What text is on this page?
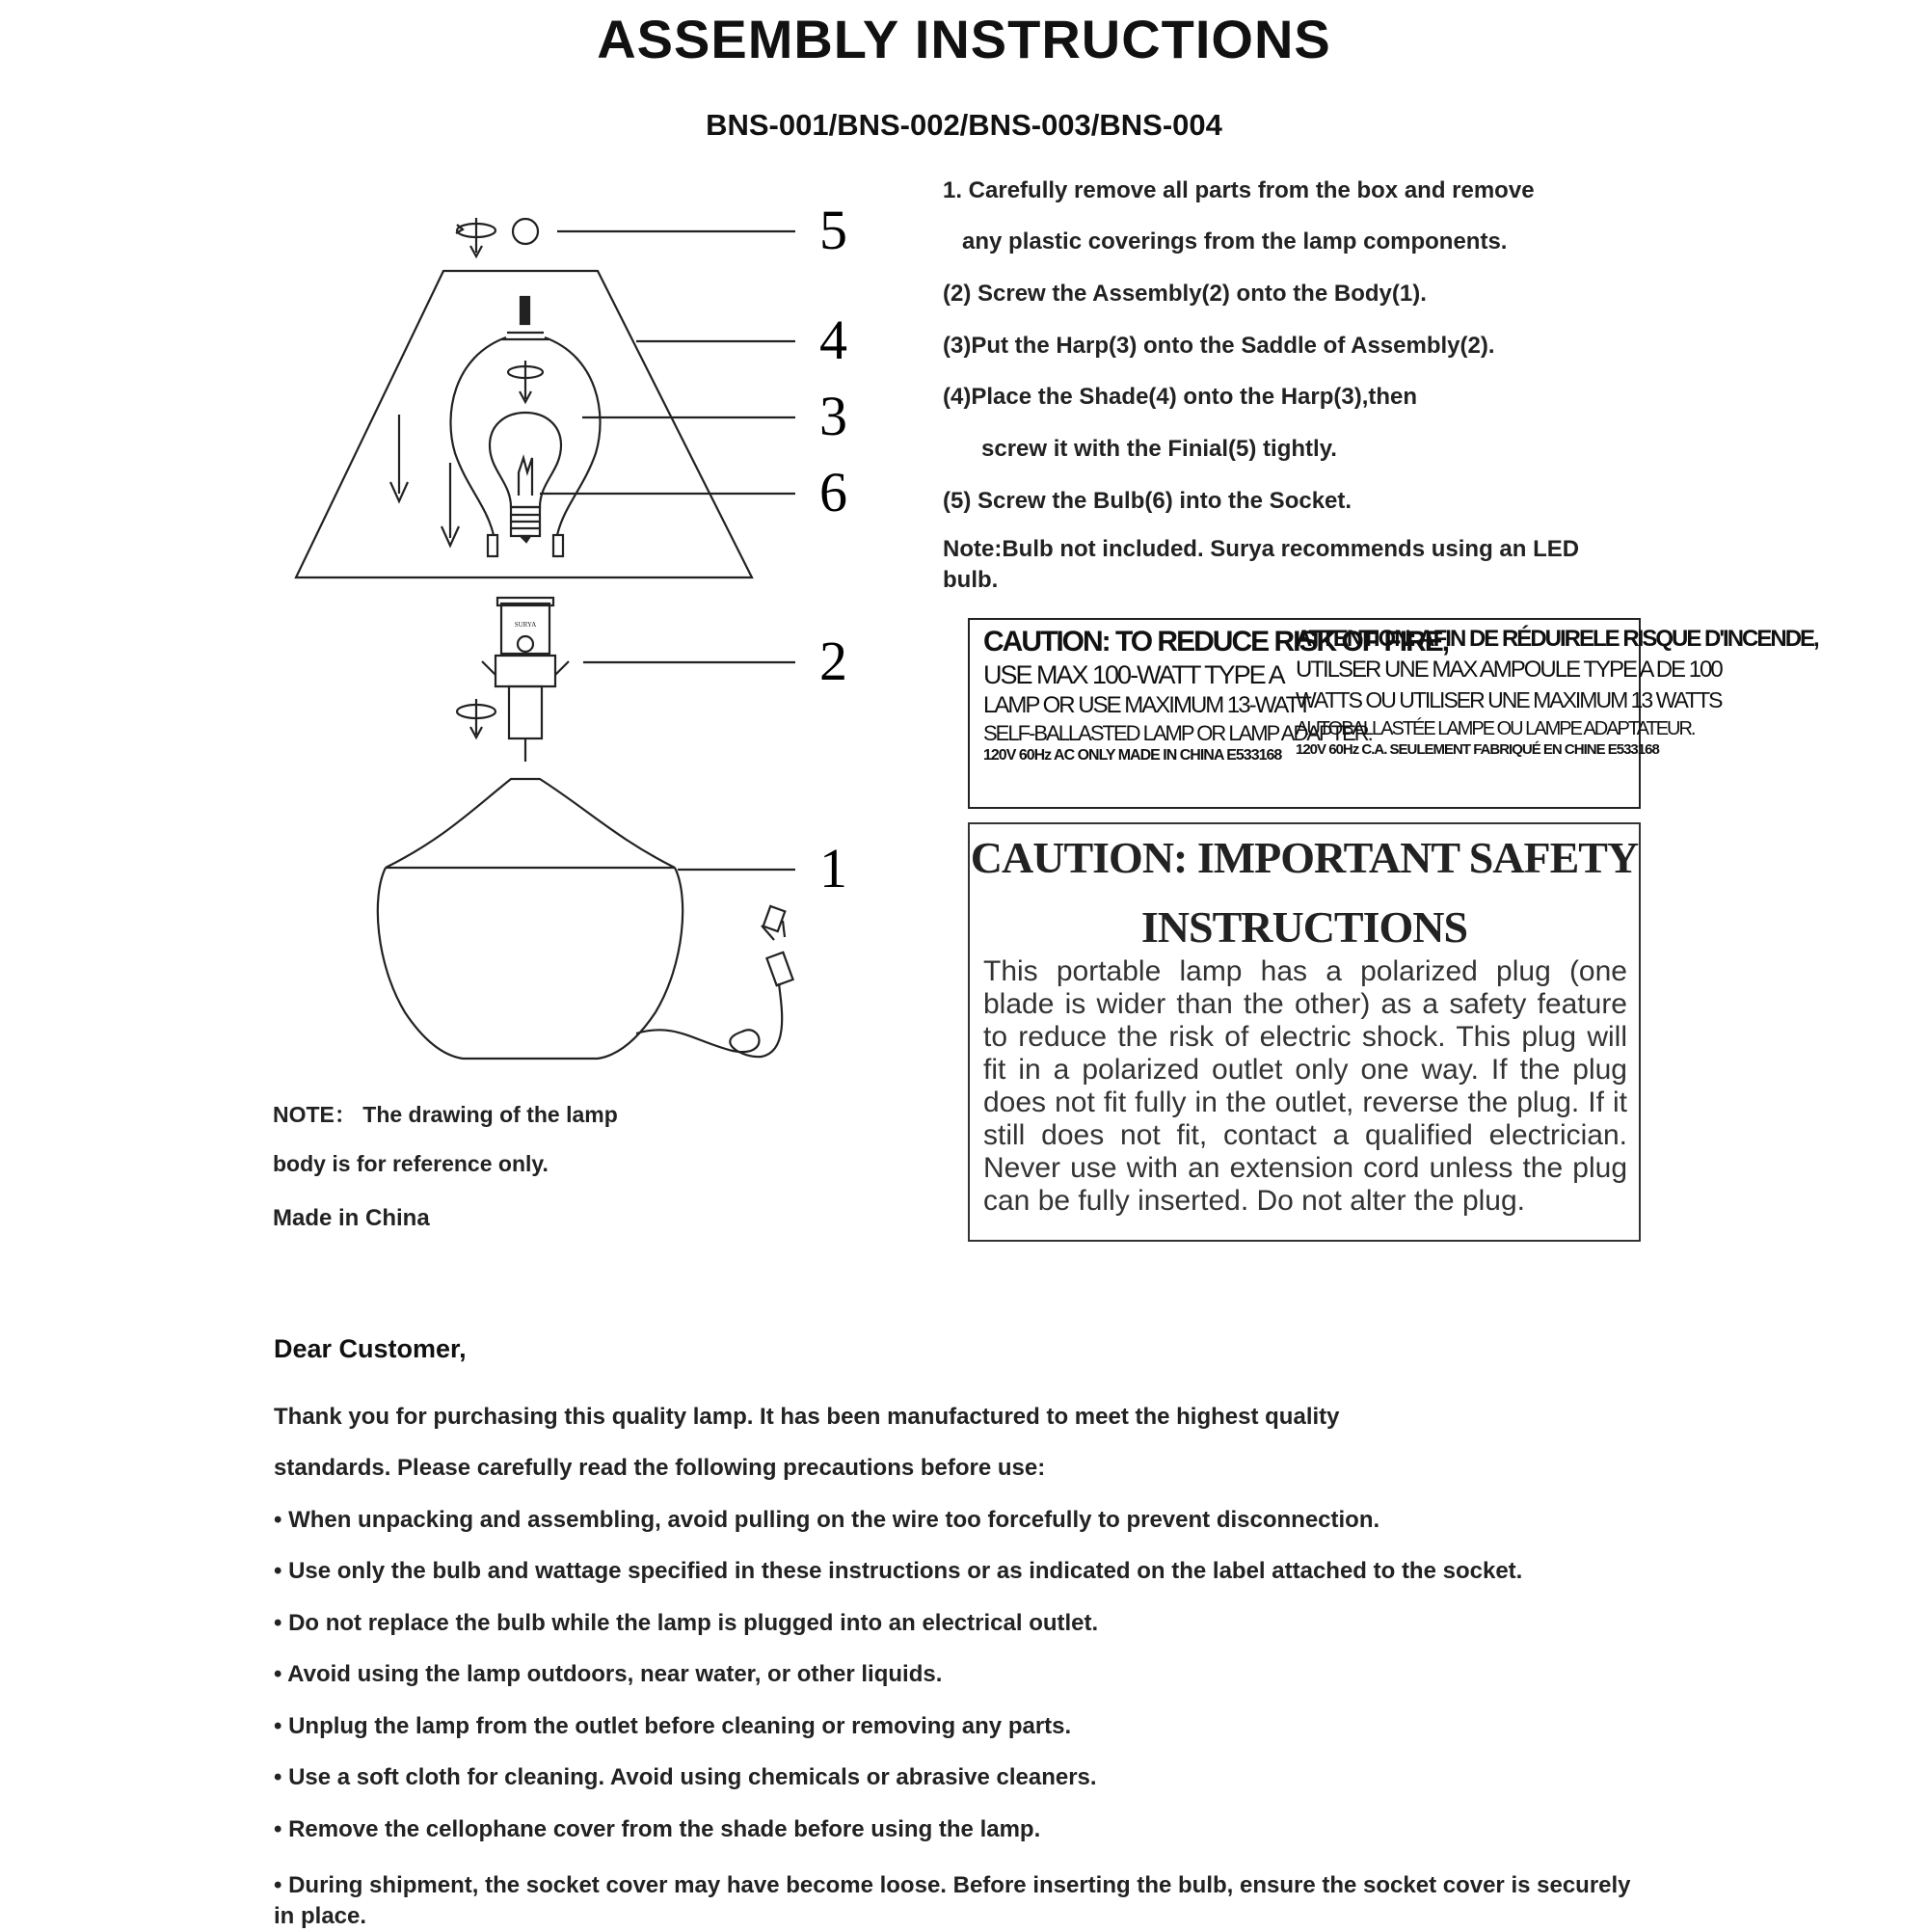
ASSEMBLY INSTRUCTIONS
BNS-001/BNS-002/BNS-003/BNS-004
SURYA
5
4
3
6
2
1
1. Carefully remove all parts from the box and remove
any plastic coverings from the lamp components.
(2) Screw the Assembly(2) onto the Body(1).
(3)Put the Harp(3) onto the Saddle of Assembly(2).
(4)Place the Shade(4) onto the Harp(3),then
screw it with the Finial(5) tightly.
(5) Screw the Bulb(6) into the Socket.
Note:Bulb not included. Surya recommends using an LED bulb.
CAUTION: TO REDUCE RISK OF FIRE,
USE MAX 100-WATT TYPE A
LAMP OR USE MAXIMUM 13-WATT
SELF-BALLASTED LAMP OR LAMP ADAPTER.
120V 60Hz AC ONLY MADE IN CHINA E533168
ATTENTION: AFIN DE RÉDUIRELE RISQUE D'INCENDE,
UTILSER UNE MAX AMPOULE TYPE A DE 100
WATTS OU UTILISER UNE MAXIMUM 13 WATTS
AUTOBALLASTÉE LAMPE OU LAMPE ADAPTATEUR.
120V 60Hz C.A. SEULEMENT FABRIQUÉ EN CHINE E533168
CAUTION: IMPORTANT SAFETY
INSTRUCTIONS
This portable lamp has a polarized plug (one blade is wider than the other) as a safety feature to reduce the risk of electric shock. This plug will fit in a polarized outlet only one way. If the plug does not fit fully in the outlet, reverse the plug. If it still does not fit, contact a qualified electrician. Never use with an extension cord unless the plug can be fully inserted. Do not alter the plug.
NOTE： The drawing of the lamp
body is for reference only.
Made in China
Dear Customer,
Thank you for purchasing this quality lamp. It has been manufactured to meet the highest quality
standards. Please carefully read the following precautions before use:
• When unpacking and assembling, avoid pulling on the wire too forcefully to prevent disconnection.
• Use only the bulb and wattage specified in these instructions or as indicated on the label attached to the socket.
• Do not replace the bulb while the lamp is plugged into an electrical outlet.
• Avoid using the lamp outdoors, near water, or other liquids.
• Unplug the lamp from the outlet before cleaning or removing any parts.
• Use a soft cloth for cleaning. Avoid using chemicals or abrasive cleaners.
• Remove the cellophane cover from the shade before using the lamp.
• During shipment, the socket cover may have become loose. Before inserting the bulb, ensure the socket cover is securely in place.
